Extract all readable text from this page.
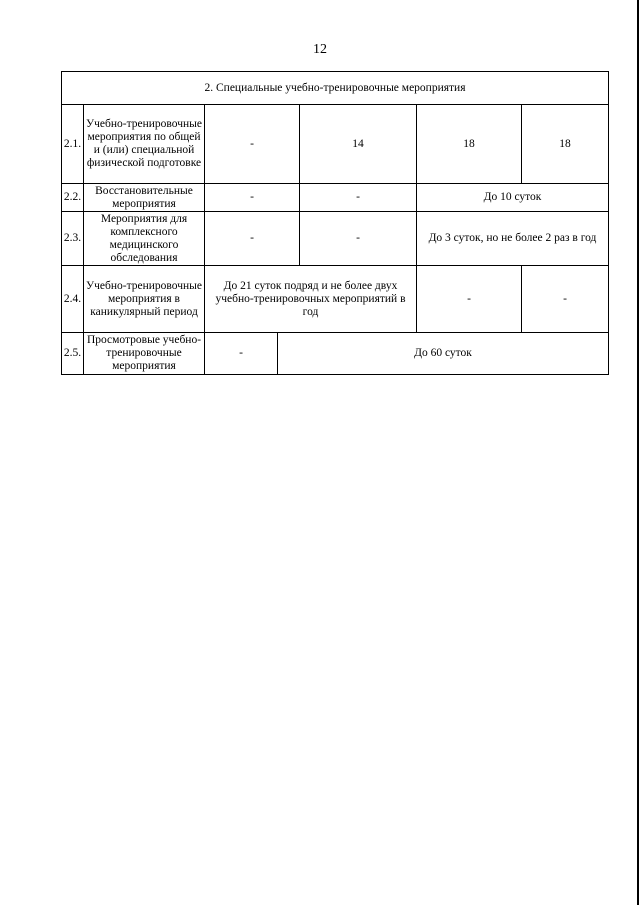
12
2. Специальные учебно-тренировочные мероприятия						
2.1.	Учебно-тренировочные мероприятия по общей и (или) специальной физической подготовке	-		14	18	18
2.2.	Восстановительные мероприятия	-		-	До 10 суток	
2.3.	Мероприятия для комплексного медицинского обследования	-		-	До 3 суток, но не более 2 раз в год	
2.4.	Учебно-тренировочные мероприятия в каникулярный период	До 21 суток подряд и не более двух учебно-тренировочных мероприятий в год			-	-
2.5.	Просмотровые учебно-тренировочные мероприятия	-	До 60 суток			
